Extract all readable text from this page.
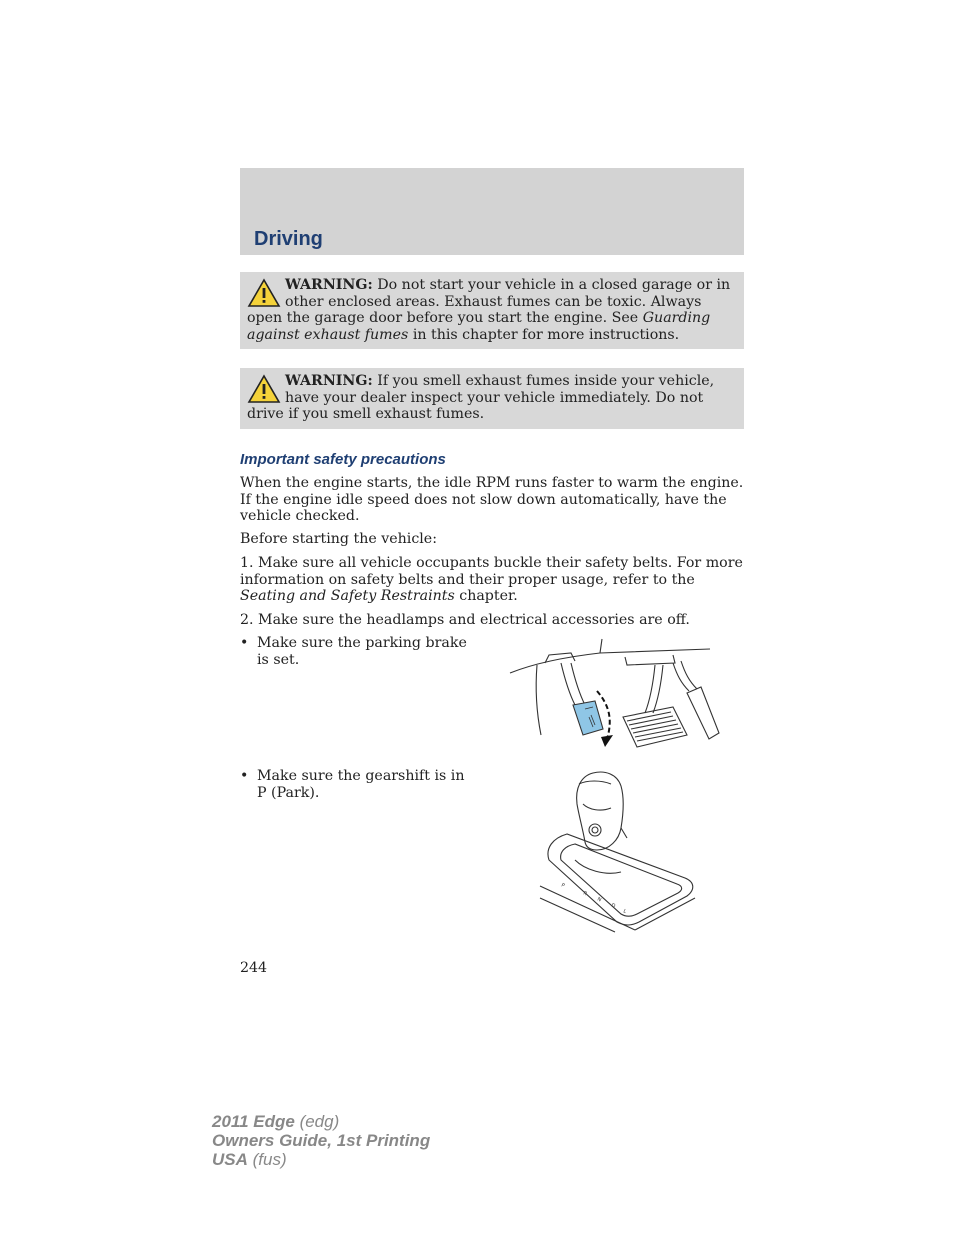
Driving
WARNING: Do not start your vehicle in a closed garage or in other enclosed areas. Exhaust fumes can be toxic. Always open the garage door before you start the engine. See Guarding against exhaust fumes in this chapter for more instructions.
WARNING: If you smell exhaust fumes inside your vehicle, have your dealer inspect your vehicle immediately. Do not drive if you smell exhaust fumes.
Important safety precautions
When the engine starts, the idle RPM runs faster to warm the engine. If the engine idle speed does not slow down automatically, have the vehicle checked.
Before starting the vehicle:
1. Make sure all vehicle occupants buckle their safety belts. For more information on safety belts and their proper usage, refer to the Seating and Safety Restraints chapter.
2. Make sure the headlamps and electrical accessories are off.
• Make sure the parking brake is set.
• Make sure the gearshift is in P (Park).
P
R
N
D
L
244
2011 Edge (edg)
Owners Guide, 1st Printing
USA (fus)
